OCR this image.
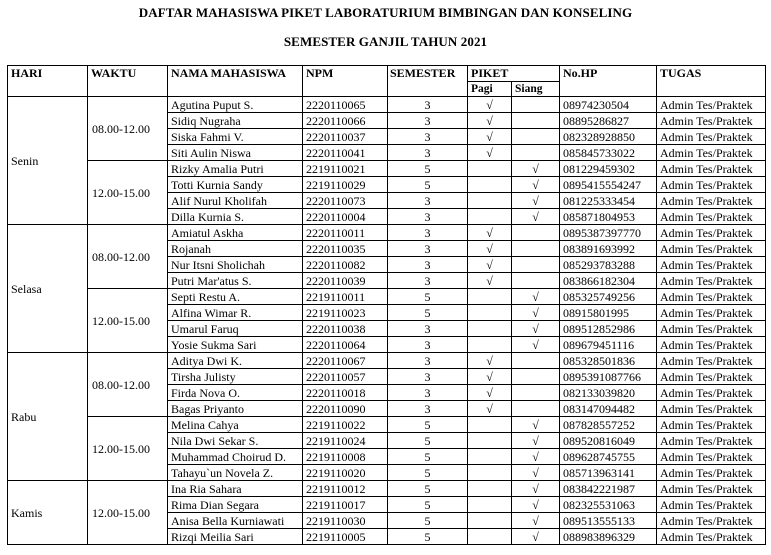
DAFTAR MAHASISWA PIKET LABORATURIUM BIMBINGAN DAN KONSELING
SEMESTER GANJIL TAHUN 2021
HARI	WAKTU	NAMA MAHASISWA	NPM	SEMESTER	PIKET		No.HP	TUGAS
					Pagi	Siang		
Senin	08.00-12.00	Agutina Puput S.	2220110065	3	√		08974230504	Admin Tes/Praktek
		Sidiq Nugraha	2220110066	3	√		08895286827	Admin Tes/Praktek
		Siska Fahmi V.	2220110037	3	√		082328928850	Admin Tes/Praktek
		Siti Aulin Niswa	2220110041	3	√		085845733022	Admin Tes/Praktek
	12.00-15.00	Rizky Amalia Putri	2219110021	5		√	081229459302	Admin Tes/Praktek
		Totti Kurnia Sandy	2219110029	5		√	0895415554247	Admin Tes/Praktek
		Alif Nurul Kholifah	2220110073	3		√	081225333454	Admin Tes/Praktek
		Dilla Kurnia S.	2220110004	3		√	085871804953	Admin Tes/Praktek
Selasa	08.00-12.00	Amiatul Askha	2220110011	3	√		0895387397770	Admin Tes/Praktek
		Rojanah	2220110035	3	√		083891693992	Admin Tes/Praktek
		Nur Itsni Sholichah	2220110082	3	√		085293783288	Admin Tes/Praktek
		Putri Mar'atus S.	2220110039	3	√		083866182304	Admin Tes/Praktek
	12.00-15.00	Septi Restu A.	2219110011	5		√	085325749256	Admin Tes/Praktek
		Alfina Wimar R.	2219110023	5		√	08915801995	Admin Tes/Praktek
		Umarul Faruq	2220110038	3		√	089512852986	Admin Tes/Praktek
		Yosie Sukma Sari	2220110064	3		√	089679451116	Admin Tes/Praktek
Rabu	08.00-12.00	Aditya Dwi K.	2220110067	3	√		085328501836	Admin Tes/Praktek
		Tirsha Julisty	2220110057	3	√		0895391087766	Admin Tes/Praktek
		Firda Nova O.	2220110018	3	√		082133039820	Admin Tes/Praktek
		Bagas Priyanto	2220110090	3	√		083147094482	Admin Tes/Praktek
	12.00-15.00	Melina Cahya	2219110022	5		√	087828557252	Admin Tes/Praktek
		Nila Dwi Sekar S.	2219110024	5		√	089520816049	Admin Tes/Praktek
		Muhammad Choirud D.	2219110008	5		√	089628745755	Admin Tes/Praktek
		Tahayu`un Novela Z.	2219110020	5		√	085713963141	Admin Tes/Praktek
Kamis	12.00-15.00	Ina Ria Sahara	2219110012	5		√	083842221987	Admin Tes/Praktek
		Rima Dian Segara	2219110017	5		√	082325531063	Admin Tes/Praktek
		Anisa Bella Kurniawati	2219110030	5		√	089513555133	Admin Tes/Praktek
		Rizqi Meilia Sari	2219110005	5		√	088983896329	Admin Tes/Praktek
